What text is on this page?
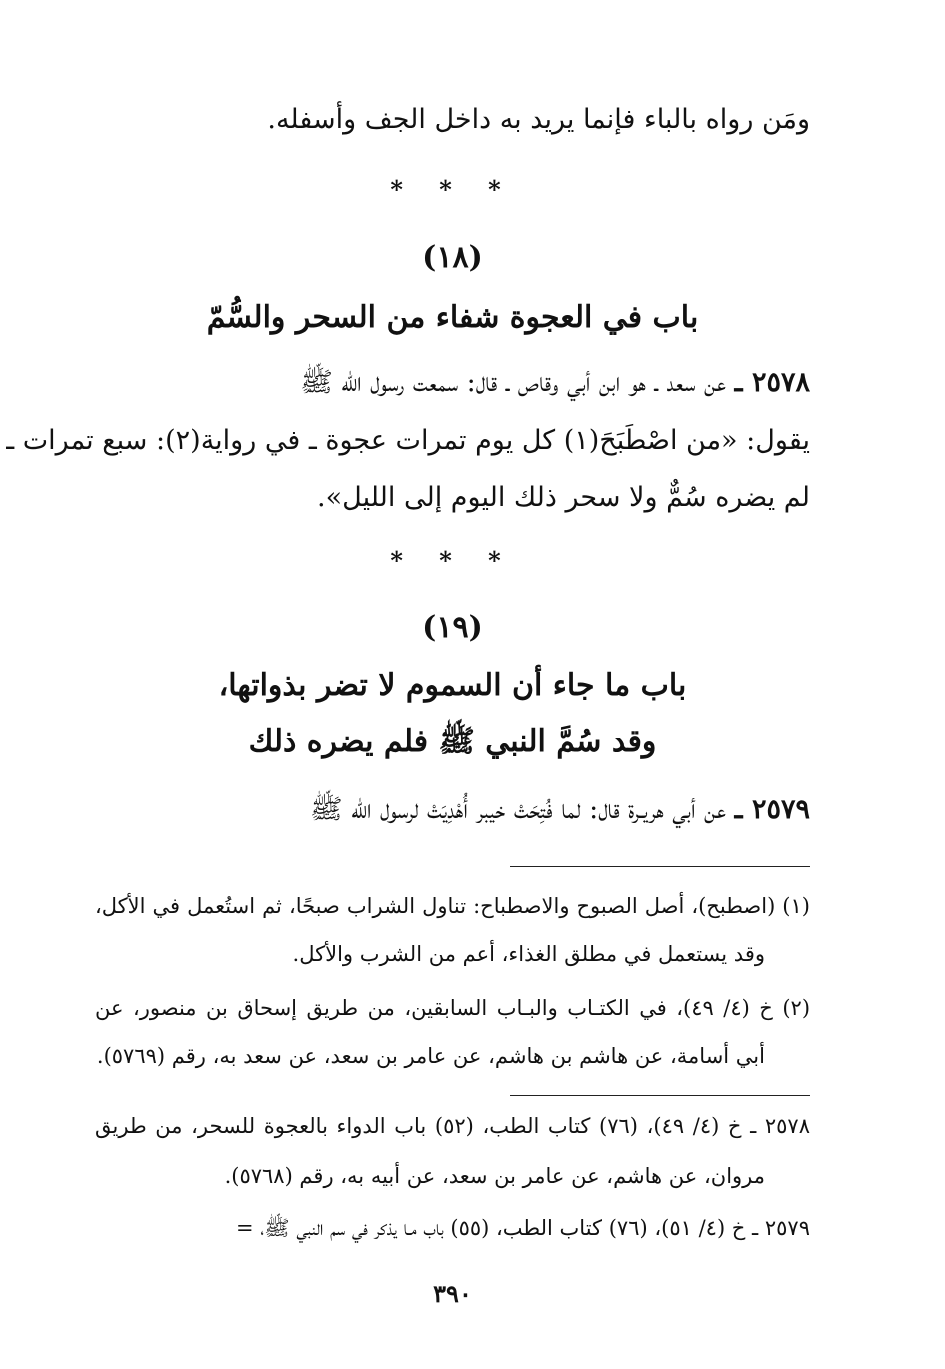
ومَن رواه بالباء فإنما يريد به داخل الجف وأسفله.
* * *
(١٨)
باب في العجوة شفاء من السحر والسُّمّ
٢٥٧٨ ـ عن سعد ـ هو ابن أبي وقاص ـ قال: سمعت رسول الله ﷺ
يقول: «من اصْطَبَحَ(١) كل يوم تمرات عجوة ـ في رواية(٢): سبع تمرات ـ
لم يضره سُمٌّ ولا سحر ذلك اليوم إلى الليل».
* * *
(١٩)
باب ما جاء أن السموم لا تضر بذواتها،
وقد سُمَّ النبي ﷺ فلم يضره ذلك
٢٥٧٩ ـ عن أبي هريـرة قال: لما فُتِحَتْ خيبر أُهْدِيَتْ لرسول الله ﷺ
(١) (اصطبح)، أصل الصبوح والاصطباح: تناول الشراب صبحًا، ثم استُعمل في الأكل،
وقد يستعمل في مطلق الغذاء، أعم من الشرب والأكل.
(٢) خ (٤/ ٤٩)، في الكتـاب والبـاب السابقين، من طريق إسحاق بن منصور، عن
أبي أسامة، عن هاشم بن هاشم، عن عامر بن سعد، عن سعد به، رقم (٥٧٦٩).
٢٥٧٨ ـ خ (٤/ ٤٩)، (٧٦) كتاب الطب، (٥٢) باب الدواء بالعجوة للسحر، من طريق
مروان، عن هاشم، عن عامر بن سعد، عن أبيه به، رقم (٥٧٦٨).
٢٥٧٩ ـ خ (٤/ ٥١)، (٧٦) كتاب الطب، (٥٥) باب مـا يذكر في سم النبي ﷺ، =
٣٩٠
